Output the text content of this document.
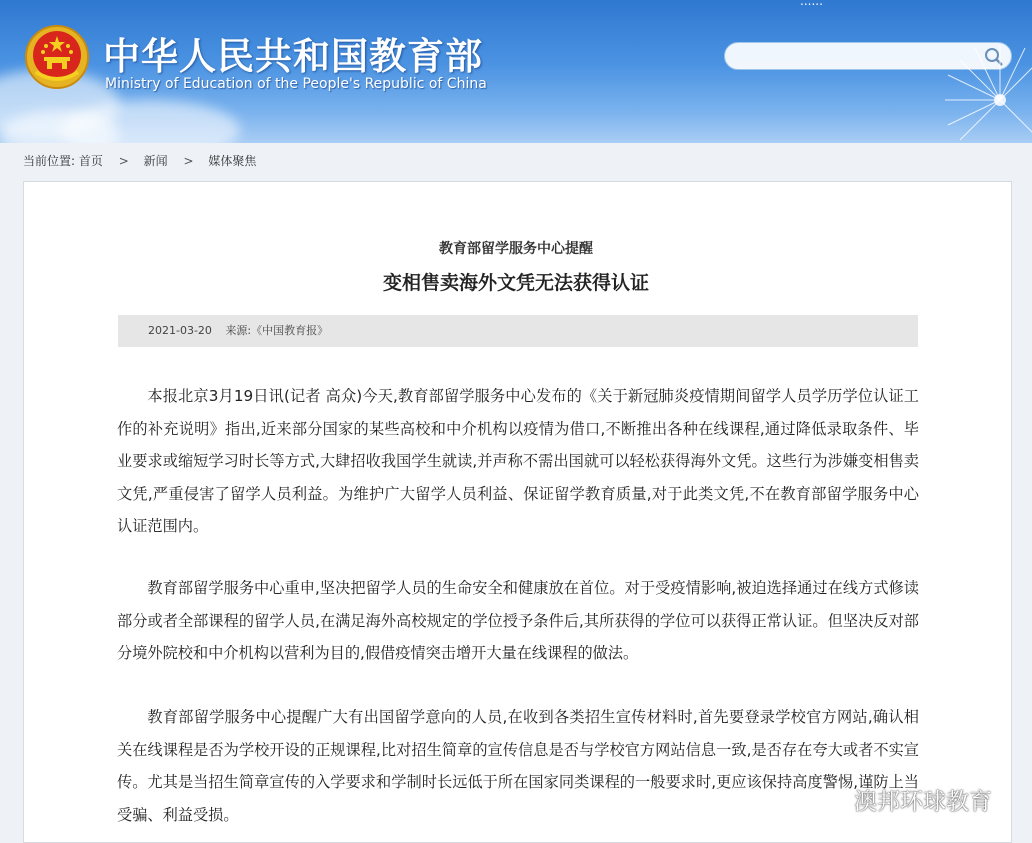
中华人民共和国教育部
Ministry of Education of the People's Republic of China
......
当前位置: 首页 > 新闻 > 媒体聚焦
教育部留学服务中心提醒
变相售卖海外文凭无法获得认证
2021-03-20 来源:《中国教育报》
本报北京3月19日讯(记者 高众)今天,教育部留学服务中心发布的《关于新冠肺炎疫情期间留学人员学历学位认证工作的补充说明》指出,近来部分国家的某些高校和中介机构以疫情为借口,不断推出各种在线课程,通过降低录取条件、毕业要求或缩短学习时长等方式,大肆招收我国学生就读,并声称不需出国就可以轻松获得海外文凭。这些行为涉嫌变相售卖文凭,严重侵害了留学人员利益。为维护广大留学人员利益、保证留学教育质量,对于此类文凭,不在教育部留学服务中心认证范围内。
教育部留学服务中心重申,坚决把留学人员的生命安全和健康放在首位。对于受疫情影响,被迫选择通过在线方式修读部分或者全部课程的留学人员,在满足海外高校规定的学位授予条件后,其所获得的学位可以获得正常认证。但坚决反对部分境外院校和中介机构以营利为目的,假借疫情突击增开大量在线课程的做法。
教育部留学服务中心提醒广大有出国留学意向的人员,在收到各类招生宣传材料时,首先要登录学校官方网站,确认相关在线课程是否为学校开设的正规课程,比对招生简章的宣传信息是否与学校官方网站信息一致,是否存在夸大或者不实宣传。尤其是当招生简章宣传的入学要求和学制时长远低于所在国家同类课程的一般要求时,更应该保持高度警惕,谨防上当受骗、利益受损。	澳邦环球教育
